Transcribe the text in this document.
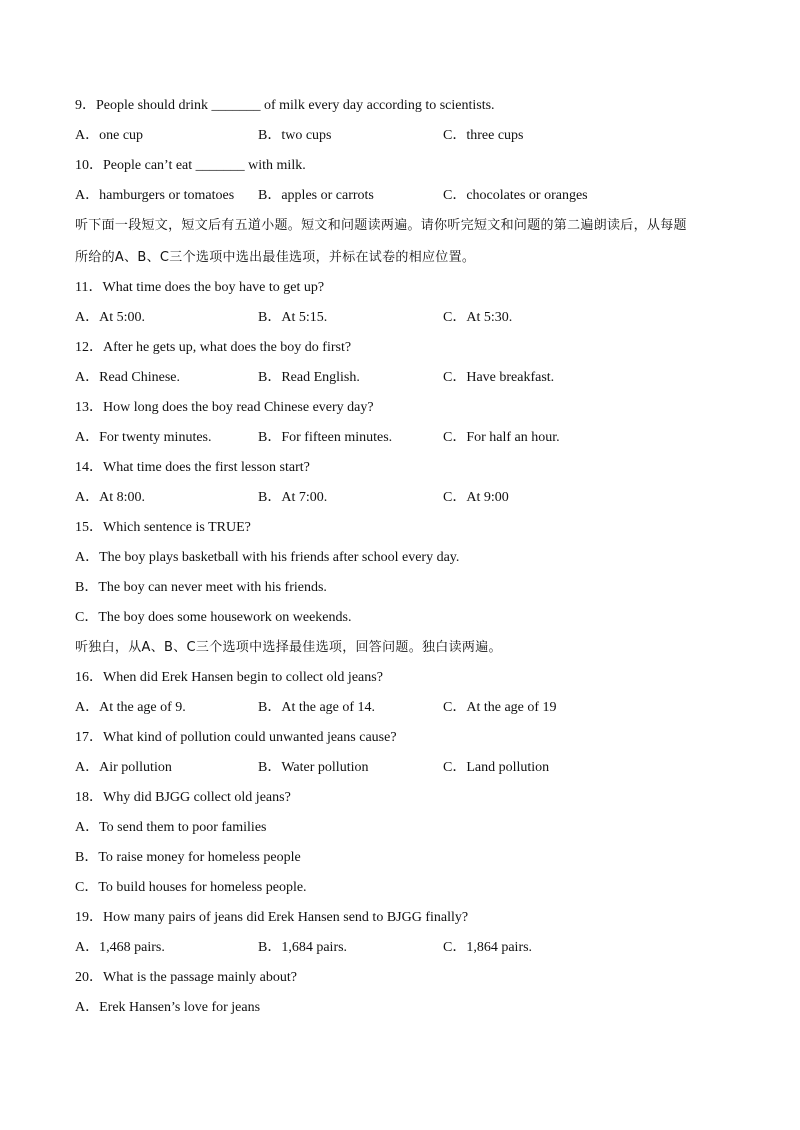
9．People should drink _______ of milk every day according to scientists.
A．one cup	B．two cups	C．three cups
10．People can’t eat _______ with milk.
A．hamburgers or tomatoes B．apples or carrots	C．chocolates or oranges
听下面一段短文，短文后有五道小题。短文和问题读两遍。请你听完短文和问题的第二遍朗读后，从每题
所给的A、B、C三个选项中选出最佳选项，并标在试卷的相应位置。
11．What time does the boy have to get up?
A．At 5:00.	B．At 5:15.	C．At 5:30.
12．After he gets up, what does the boy do first?
A．Read Chinese.	B．Read English.	C．Have breakfast.
13．How long does the boy read Chinese every day?
A．For twenty minutes.	B．For fifteen minutes.	C．For half an hour.
14．What time does the first lesson start?
A．At 8:00.	B．At 7:00.	C．At 9:00
15．Which sentence is TRUE?
A．The boy plays basketball with his friends after school every day.
B．The boy can never meet with his friends.
C．The boy does some housework on weekends.
听独白，从A、B、C三个选项中选择最佳选项，回答问题。独白读两遍。
16．When did Erek Hansen begin to collect old jeans?
A．At the age of 9.	B．At the age of 14.	C．At the age of 19
17．What kind of pollution could unwanted jeans cause?
A．Air pollution	B．Water pollution	C．Land pollution
18．Why did BJGG collect old jeans?
A．To send them to poor families
B．To raise money for homeless people
C．To build houses for homeless people.
19．How many pairs of jeans did Erek Hansen send to BJGG finally?
A．1,468 pairs.	B．1,684 pairs.	C．1,864 pairs.
20．What is the passage mainly about?
A．Erek Hansen’s love for jeans
